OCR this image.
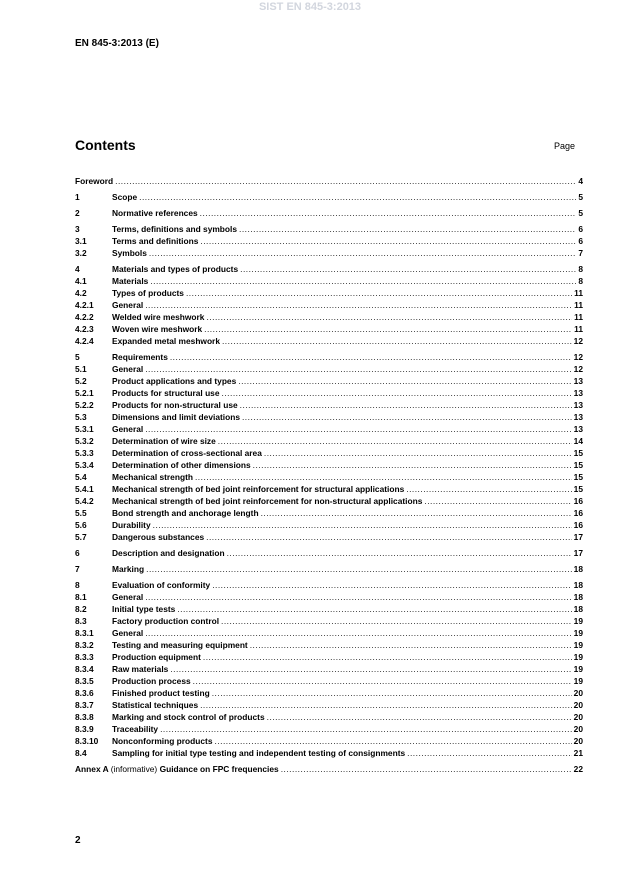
SIST EN 845-3:2013
EN 845-3:2013 (E)
Contents	Page
Foreword .....	4
1	Scope .....	5
2	Normative references .....	5
3	Terms, definitions and symbols .....	6
3.1	Terms and definitions .....	6
3.2	Symbols .....	7
4	Materials and types of products .....	8
4.1	Materials .....	8
4.2	Types of products .....	11
4.2.1	General .....	11
4.2.2	Welded wire meshwork .....	11
4.2.3	Woven wire meshwork .....	11
4.2.4	Expanded metal meshwork .....	12
5	Requirements .....	12
5.1	General .....	12
5.2	Product applications and types .....	13
5.2.1	Products for structural use .....	13
5.2.2	Products for non-structural use .....	13
5.3	Dimensions and limit deviations .....	13
5.3.1	General .....	13
5.3.2	Determination of wire size .....	14
5.3.3	Determination of cross-sectional area .....	15
5.3.4	Determination of other dimensions .....	15
5.4	Mechanical strength .....	15
5.4.1	Mechanical strength of bed joint reinforcement for structural applications .....	15
5.4.2	Mechanical strength of bed joint reinforcement for non-structural applications .....	16
5.5	Bond strength and anchorage length .....	16
5.6	Durability .....	16
5.7	Dangerous substances .....	17
6	Description and designation .....	17
7	Marking .....	18
8	Evaluation of conformity .....	18
8.1	General .....	18
8.2	Initial type tests .....	18
8.3	Factory production control .....	19
8.3.1	General .....	19
8.3.2	Testing and measuring equipment .....	19
8.3.3	Production equipment .....	19
8.3.4	Raw materials .....	19
8.3.5	Production process .....	19
8.3.6	Finished product testing .....	20
8.3.7	Statistical techniques .....	20
8.3.8	Marking and stock control of products .....	20
8.3.9	Traceability .....	20
8.3.10	Nonconforming products .....	20
8.4	Sampling for initial type testing and independent testing of consignments .....	21
Annex A (informative) Guidance on FPC frequencies .....	22
2
